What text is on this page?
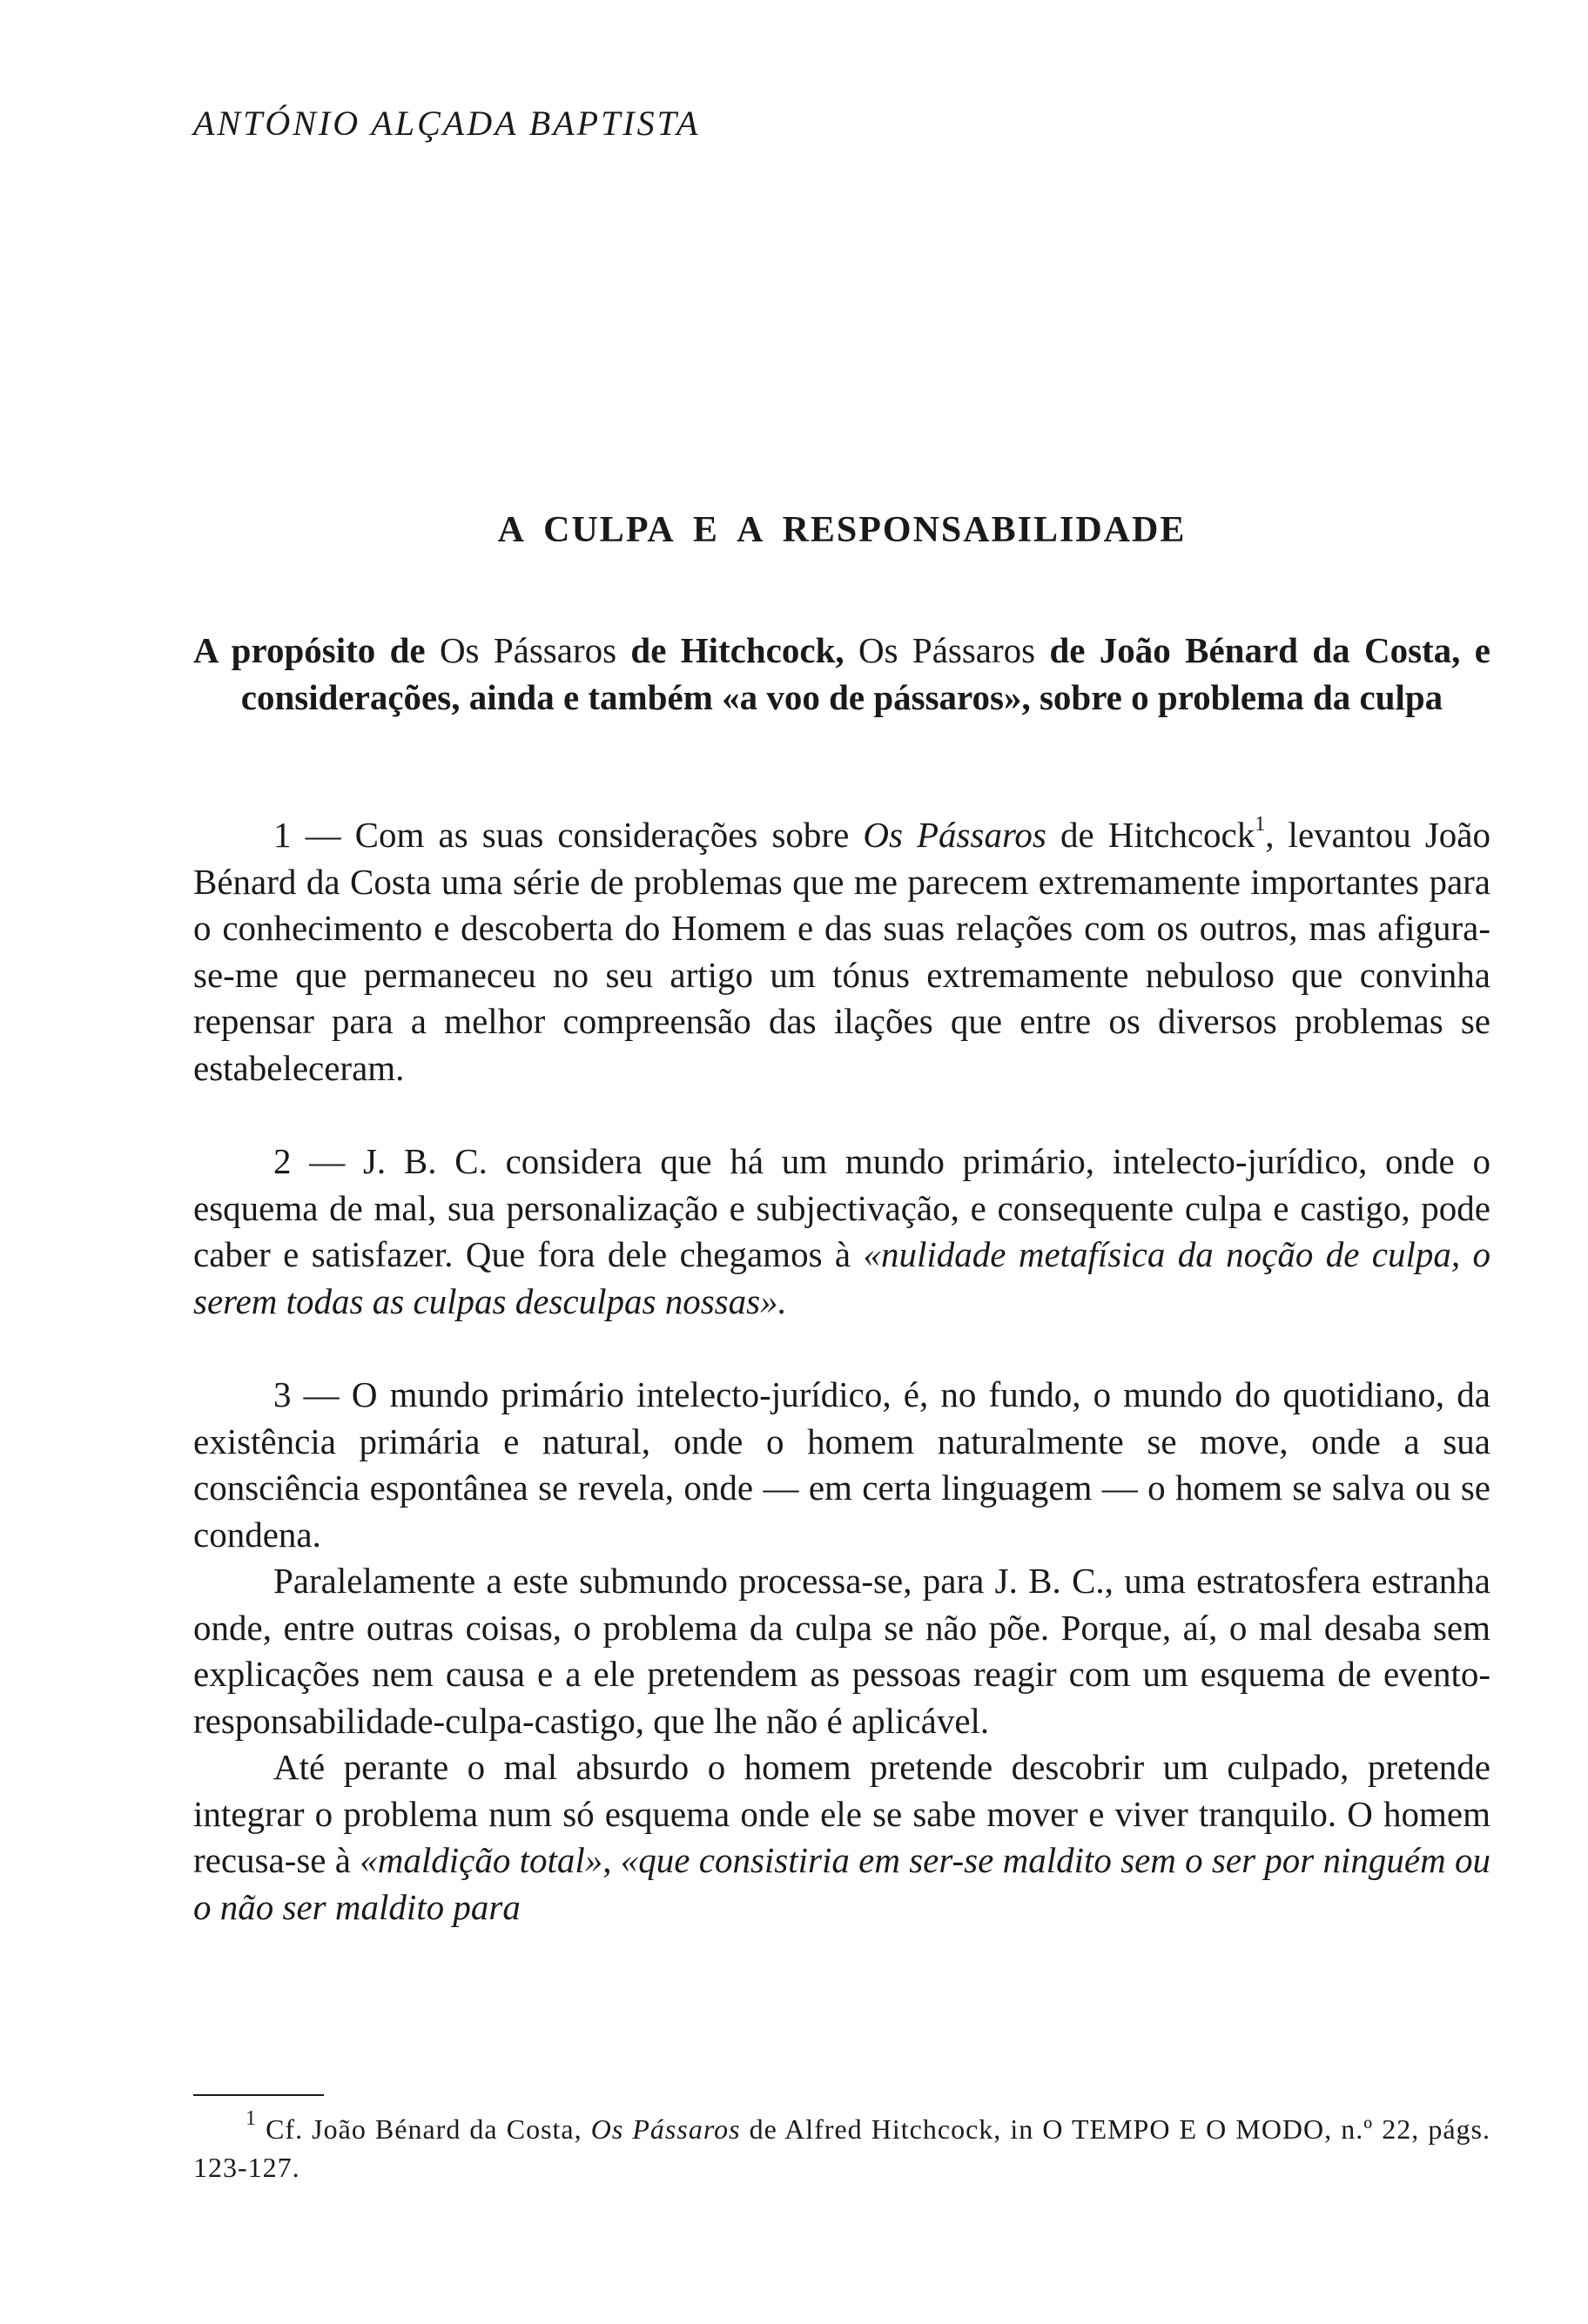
ANTÓNIO ALÇADA BAPTISTA
A CULPA E A RESPONSABILIDADE
A propósito de Os Pássaros de Hitchcock, Os Pássaros de João Bénard da Costa, e considerações, ainda e também «a voo de pássaros», sobre o problema da culpa

1 — Com as suas considerações sobre Os Pássaros de Hitchcock$^1$, levantou João Bénard da Costa uma série de problemas que me parecem extremamente importantes para o conhecimento e descoberta do Homem e das suas relações com os outros, mas afigura-se-me que permaneceu no seu artigo um tónus extremamente nebuloso que convinha repensar para a melhor compreensão das ilações que entre os diversos problemas se estabeleceram.

2 — J. B. C. considera que há um mundo primário, intelecto-jurídico, onde o esquema de mal, sua personalização e subjectivação, e consequente culpa e castigo, pode caber e satisfazer. Que fora dele chegamos à «nulidade metafísica da noção de culpa, o serem todas as culpas desculpas nossas».

3 — O mundo primário intelecto-jurídico, é, no fundo, o mundo do quotidiano, da existência primária e natural, onde o homem naturalmente se move, onde a sua consciência espontânea se revela, onde — em certa linguagem — o homem se salva ou se condena.

Paralelamente a este submundo processa-se, para J. B. C., uma estratosfera estranha onde, entre outras coisas, o problema da culpa se não põe. Porque, aí, o mal desaba sem explicações nem causa e a ele pretendem as pessoas reagir com um esquema de evento-responsabilidade-culpa-castigo, que lhe não é aplicável.

Até perante o mal absurdo o homem pretende descobrir um culpado, pretende integrar o problema num só esquema onde ele se sabe mover e viver tranquilo. O homem recusa-se à «maldição total», «que consistiria em ser-se maldito sem o ser por ninguém ou o não ser maldito para

$^1$ Cf. João Bénard da Costa, Os Pássaros de Alfred Hitchcock, in O TEMPO E O MODO, n.º 22, págs. 123-127.
